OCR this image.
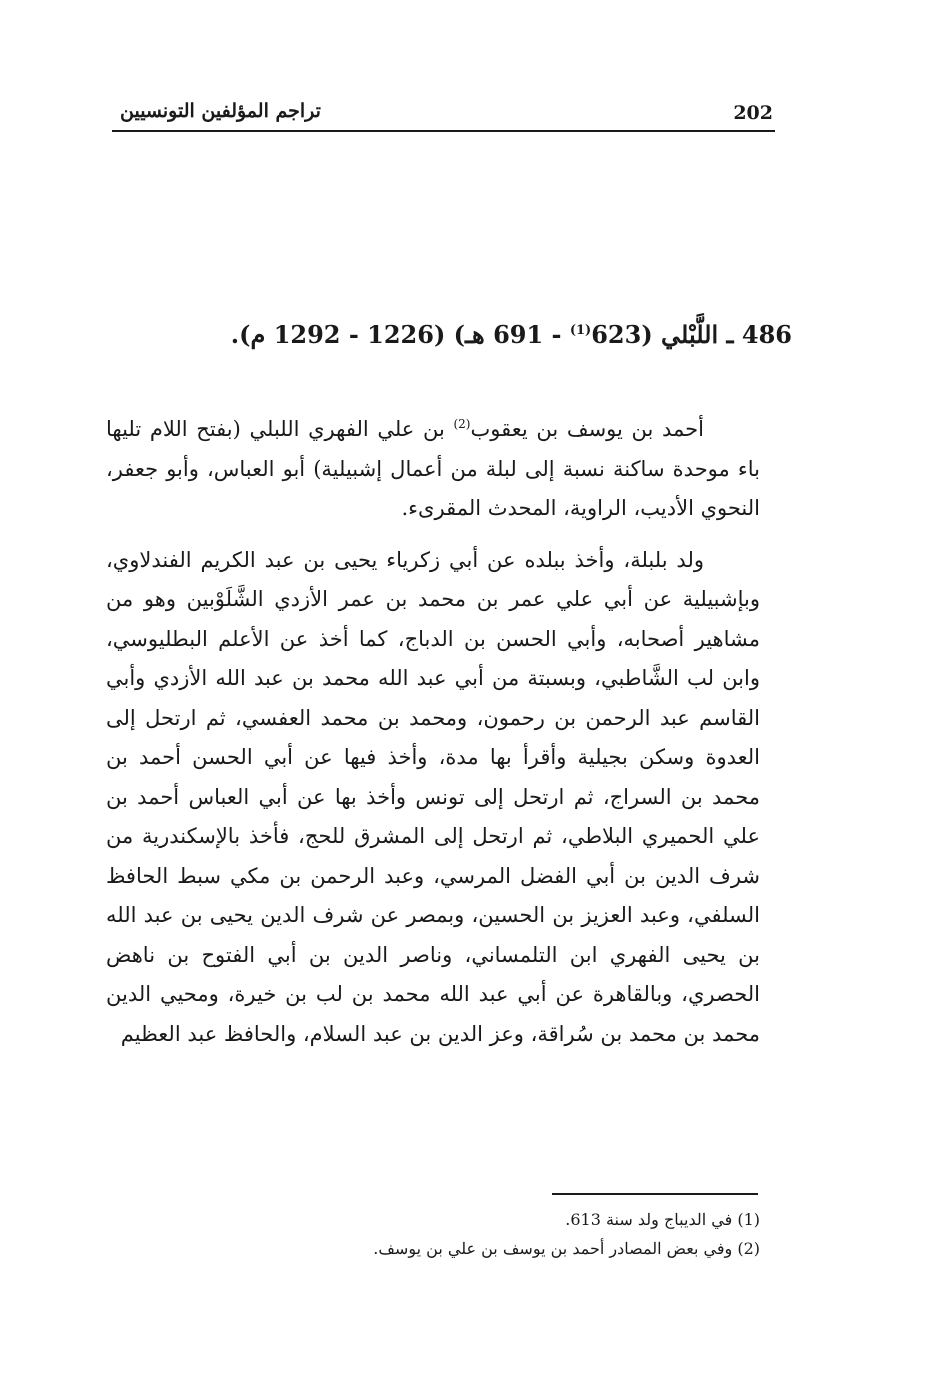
202
تراجم المؤلفين التونسيين
486 ـ اللَّبْلي (623$^{(1)}$ - 691 هـ) (1226 - 1292 م).

أحمد بن يوسف بن يعقوب$^{(2)}$ بن علي الفهري اللبلي (بفتح اللام تليها باء موحدة ساكنة نسبة إلى لبلة من أعمال إشبيلية) أبو العباس، وأبو جعفر، النحوي الأديب، الراوية، المحدث المقرىء.

ولد بلبلة، وأخذ ببلده عن أبي زكرياء يحيى بن عبد الكريم الفندلاوي، وبإشبيلية عن أبي علي عمر بن محمد بن عمر الأزدي الشَّلَوْبين وهو من مشاهير أصحابه، وأبي الحسن بن الدباج، كما أخذ عن الأعلم البطليوسي، وابن لب الشَّاطبي، وبسبتة من أبي عبد الله محمد بن عبد الله الأزدي وأبي القاسم عبد الرحمن بن رحمون، ومحمد بن محمد العفسي، ثم ارتحل إلى العدوة وسكن بجيلية وأقرأ بها مدة، وأخذ فيها عن أبي الحسن أحمد بن محمد بن السراج، ثم ارتحل إلى تونس وأخذ بها عن أبي العباس أحمد بن علي الحميري البلاطي، ثم ارتحل إلى المشرق للحج، فأخذ بالإسكندرية من شرف الدين بن أبي الفضل المرسي، وعبد الرحمن بن مكي سبط الحافظ السلفي، وعبد العزيز بن الحسين، وبمصر عن شرف الدين يحيى بن عبد الله بن يحيى الفهري ابن التلمساني، وناصر الدين بن أبي الفتوح بن ناهض الحصري، وبالقاهرة عن أبي عبد الله محمد بن لب بن خيرة، ومحيي الدين محمد بن محمد بن سُراقة، وعز الدين بن عبد السلام، والحافظ عبد العظيم

(1) في الديباج ولد سنة 613.
(2) وفي بعض المصادر أحمد بن يوسف بن علي بن يوسف.
